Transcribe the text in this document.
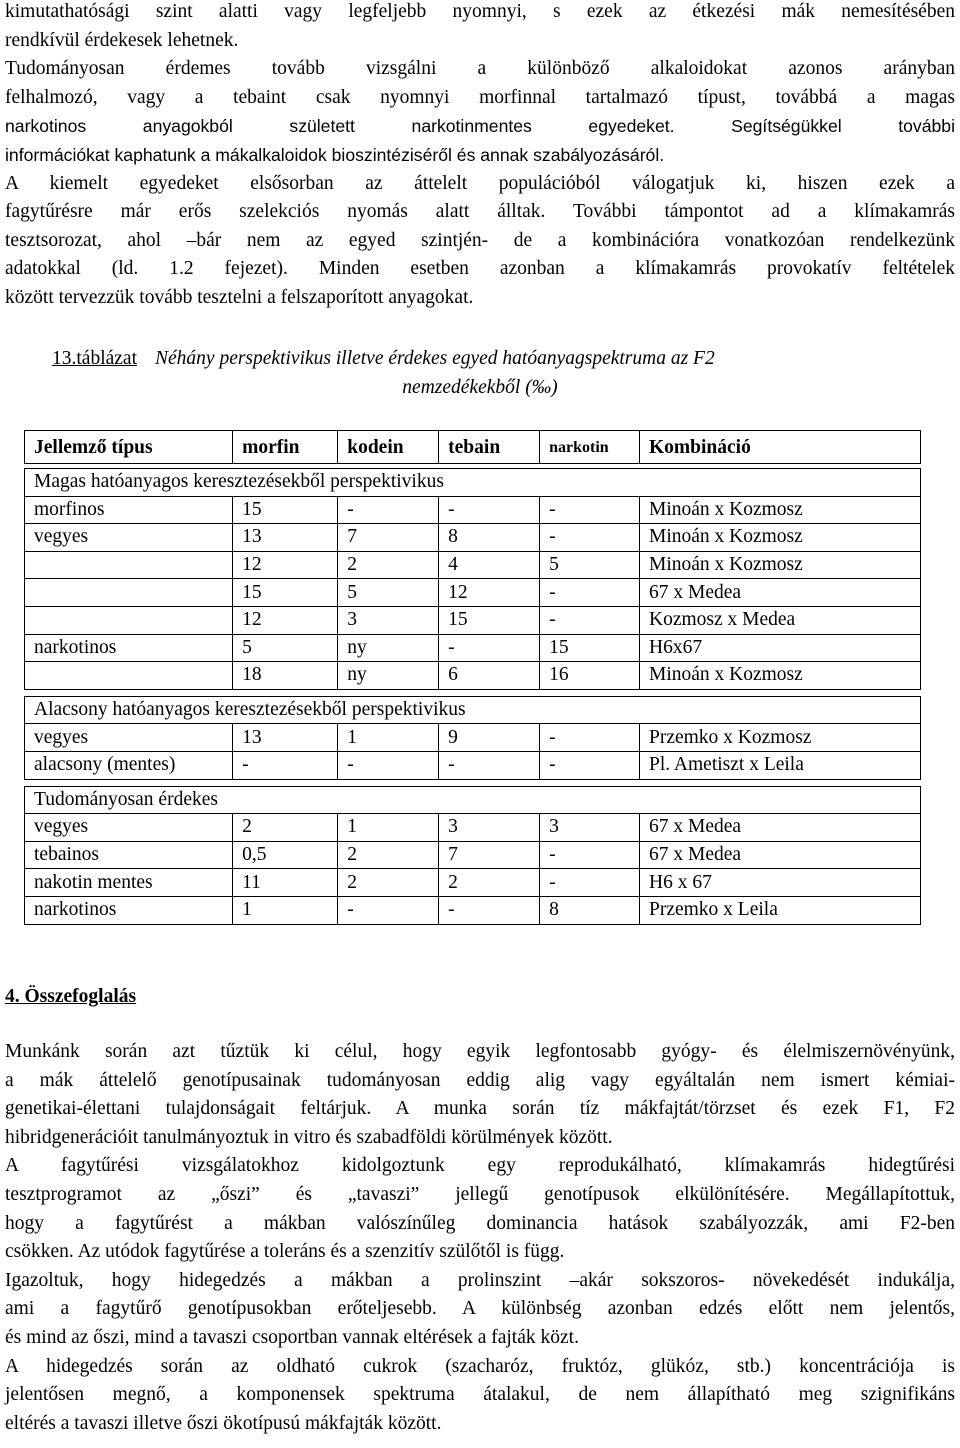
kimutathatósági szint alatti vagy legfeljebb nyomnyi, s ezek az étkezési mák nemesítésében
rendkívül érdekesek lehetnek.
Tudományosan érdemes tovább vizsgálni a különböző alkaloidokat azonos arányban
felhalmozó, vagy a tebaint csak nyomnyi morfinnal tartalmazó típust, továbbá a magas
narkotinos anyagokból született narkotinmentes egyedeket. Segítségükkel további
információkat kaphatunk a mákalkaloidok bioszintéziséről és annak szabályozásáról.
A kiemelt egyedeket elsősorban az áttelelt populációból válogatjuk ki, hiszen ezek a
fagytűrésre már erős szelekciós nyomás alatt álltak. További támpontot ad a klímakamrás
tesztsorozat, ahol –bár nem az egyed szintjén- de a kombinációra vonatkozóan rendelkezünk
adatokkal (ld. 1.2 fejezet). Minden esetben azonban a klímakamrás provokatív feltételek
között tervezzük tovább tesztelni a felszaporított anyagokat.
13.táblázat Néhány perspektivikus illetve érdekes egyed hatóanyagspektruma az F2
nemzedékekből (‰)
Jellemző típus	morfin	kodein	tebain	narkotin	Kombináció

Magas hatóanyagos keresztezésekből perspektivikus					
morfinos	15	-	-	-	Minoán x Kozmosz
vegyes	13	7	8	-	Minoán x Kozmosz
	12	2	4	5	Minoán x Kozmosz
	15	5	12	-	67 x Medea
	12	3	15	-	Kozmosz x Medea
narkotinos	5	ny	-	15	H6x67
	18	ny	6	16	Minoán x Kozmosz

Alacsony hatóanyagos keresztezésekből perspektivikus					
vegyes	13	1	9	-	Przemko x Kozmosz
alacsony (mentes)	-	-	-	-	Pl. Ametiszt x Leila

Tudományosan érdekes					
vegyes	2	1	3	3	67 x Medea
tebainos	0,5	2	7	-	67 x Medea
nakotin mentes	11	2	2	-	H6 x 67
narkotinos	1	-	-	8	Przemko x Leila
4. Összefoglalás
Munkánk során azt tűztük ki célul, hogy egyik legfontosabb gyógy- és élelmiszernövényünk,
a mák áttelelő genotípusainak tudományosan eddig alig vagy egyáltalán nem ismert kémiai-
genetikai-élettani tulajdonságait feltárjuk. A munka során tíz mákfajtát/törzset és ezek F1, F2
hibridgenerációit tanulmányoztuk in vitro és szabadföldi körülmények között.
A fagytűrési vizsgálatokhoz kidolgoztunk egy reprodukálható, klímakamrás hidegtűrési
tesztprogramot az „őszi” és „tavaszi” jellegű genotípusok elkülönítésére. Megállapítottuk,
hogy a fagytűrést a mákban valószínűleg dominancia hatások szabályozzák, ami F2-ben
csökken. Az utódok fagytűrése a toleráns és a szenzitív szülőtől is függ.
Igazoltuk, hogy hidegedzés a mákban a prolinszint –akár sokszoros- növekedését indukálja,
ami a fagytűrő genotípusokban erőteljesebb. A különbség azonban edzés előtt nem jelentős,
és mind az őszi, mind a tavaszi csoportban vannak eltérések a fajták közt.
A hidegedzés során az oldható cukrok (szacharóz, fruktóz, glükóz, stb.) koncentrációja is
jelentősen megnő, a komponensek spektruma átalakul, de nem állapítható meg szignifikáns
eltérés a tavaszi illetve őszi ökotípusú mákfajták között.
